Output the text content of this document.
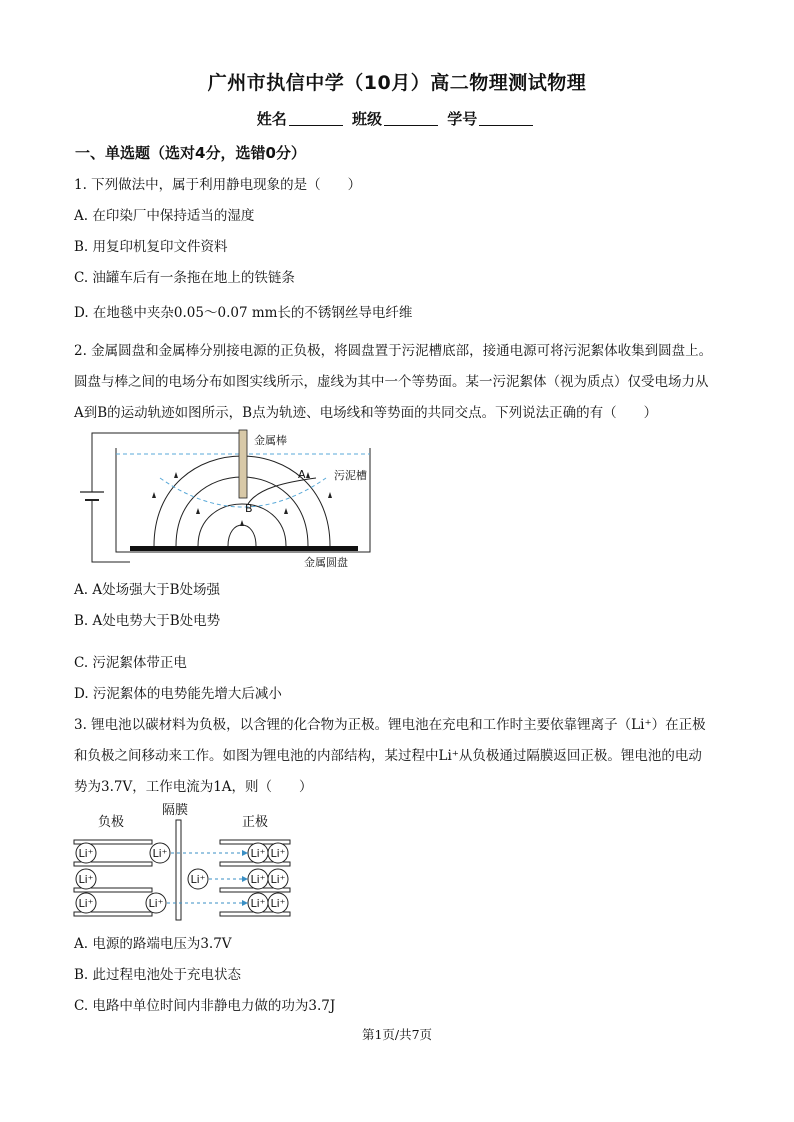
广州市执信中学（10月）高二物理测试物理
姓名	班级	学号
一、单选题（选对4分，选错0分）
1. 下列做法中，属于利用静电现象的是（　　）
A. 在印染厂中保持适当的湿度
B. 用复印机复印文件资料
C. 油罐车后有一条拖在地上的铁链条
D. 在地毯中夹杂0.05～0.07 mm长的不锈钢丝导电纤维
2. 金属圆盘和金属棒分别接电源的正负极，将圆盘置于污泥槽底部，接通电源可将污泥絮体收集到圆盘上。
圆盘与棒之间的电场分布如图实线所示，虚线为其中一个等势面。某一污泥絮体（视为质点）仅受电场力从
A到B的运动轨迹如图所示，B点为轨迹、电场线和等势面的共同交点。下列说法正确的有（　　）
金属棒
污泥槽
金属圆盘
A
B
A. A处场强大于B处场强
B. A处电势大于B处电势
C. 污泥絮体带正电
D. 污泥絮体的电势能先增大后减小
3. 锂电池以碳材料为负极，以含锂的化合物为正极。锂电池在充电和工作时主要依靠锂离子（Li⁺）在正极
和负极之间移动来工作。如图为锂电池的内部结构，某过程中Li⁺从负极通过隔膜返回正极。锂电池的电动
势为3.7V，工作电流为1A，则（　　）
负极
隔膜
正极
Li⁺
Li⁺
Li⁺
Li⁺
Li⁺
Li⁺
Li⁺ Li⁺
Li⁺ Li⁺
Li⁺ Li⁺
A. 电源的路端电压为3.7V
B. 此过程电池处于充电状态
C. 电路中单位时间内非静电力做的功为3.7J
第1页/共7页
